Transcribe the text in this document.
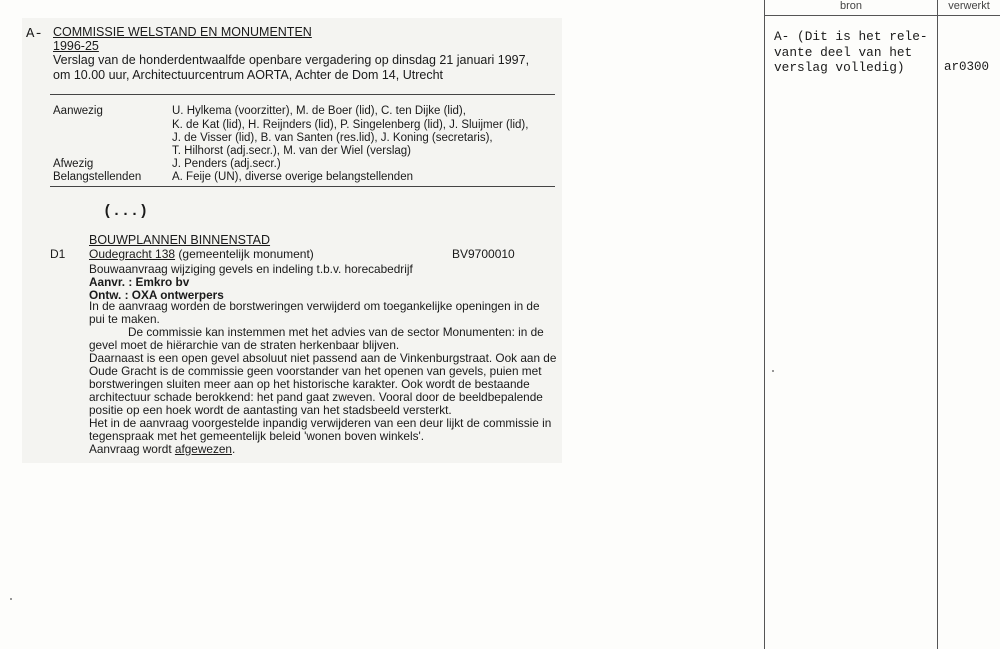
A- COMMISSIE WELSTAND EN MONUMENTEN
1996-25
Verslag van de honderdentwaalfde openbare vergadering op dinsdag 21 januari 1997,
om 10.00 uur, Architectuurcentrum AORTA, Achter de Dom 14, Utrecht
Aanwezig	U. Hylkema (voorzitter), M. de Boer (lid), C. ten Dijke (lid),
K. de Kat (lid), H. Reijnders (lid), P. Singelenberg (lid), J. Sluijmer (lid),
J. de Visser (lid), B. van Santen (res.lid), J. Koning (secretaris),
T. Hilhorst (adj.secr.), M. van der Wiel (verslag)
Afwezig	J. Penders (adj.secr.)
Belangstellenden	A. Feije (UN), diverse overige belangstellenden
(...)
BOUWPLANNEN BINNENSTAD
D1 Oudegracht 138 (gemeentelijk monument)	BV9700010
Bouwaanvraag wijziging gevels en indeling t.b.v. horecabedrijf
Aanvr. : Emkro bv
Ontw. : OXA ontwerpers
In de aanvraag worden de borstweringen verwijderd om toegankelijke openingen in de
pui te maken.
De commissie kan instemmen met het advies van de sector Monumenten: in de
gevel moet de hiërarchie van de straten herkenbaar blijven.
Daarnaast is een open gevel absoluut niet passend aan de Vinkenburgstraat. Ook aan de
Oude Gracht is de commissie geen voorstander van het openen van gevels, puien met
borstweringen sluiten meer aan op het historische karakter. Ook wordt de bestaande
architectuur schade berokkend: het pand gaat zweven. Vooral door de beeldbepalende
positie op een hoek wordt de aantasting van het stadsbeeld versterkt.
Het in de aanvraag voorgestelde inpandig verwijderen van een deur lijkt de commissie in
tegenspraak met het gemeentelijk beleid 'wonen boven winkels'.
Aanvraag wordt afgewezen.
bron	verwerkt
A- (Dit is het rele-
vante deel van het
verslag volledig)	ar0300
